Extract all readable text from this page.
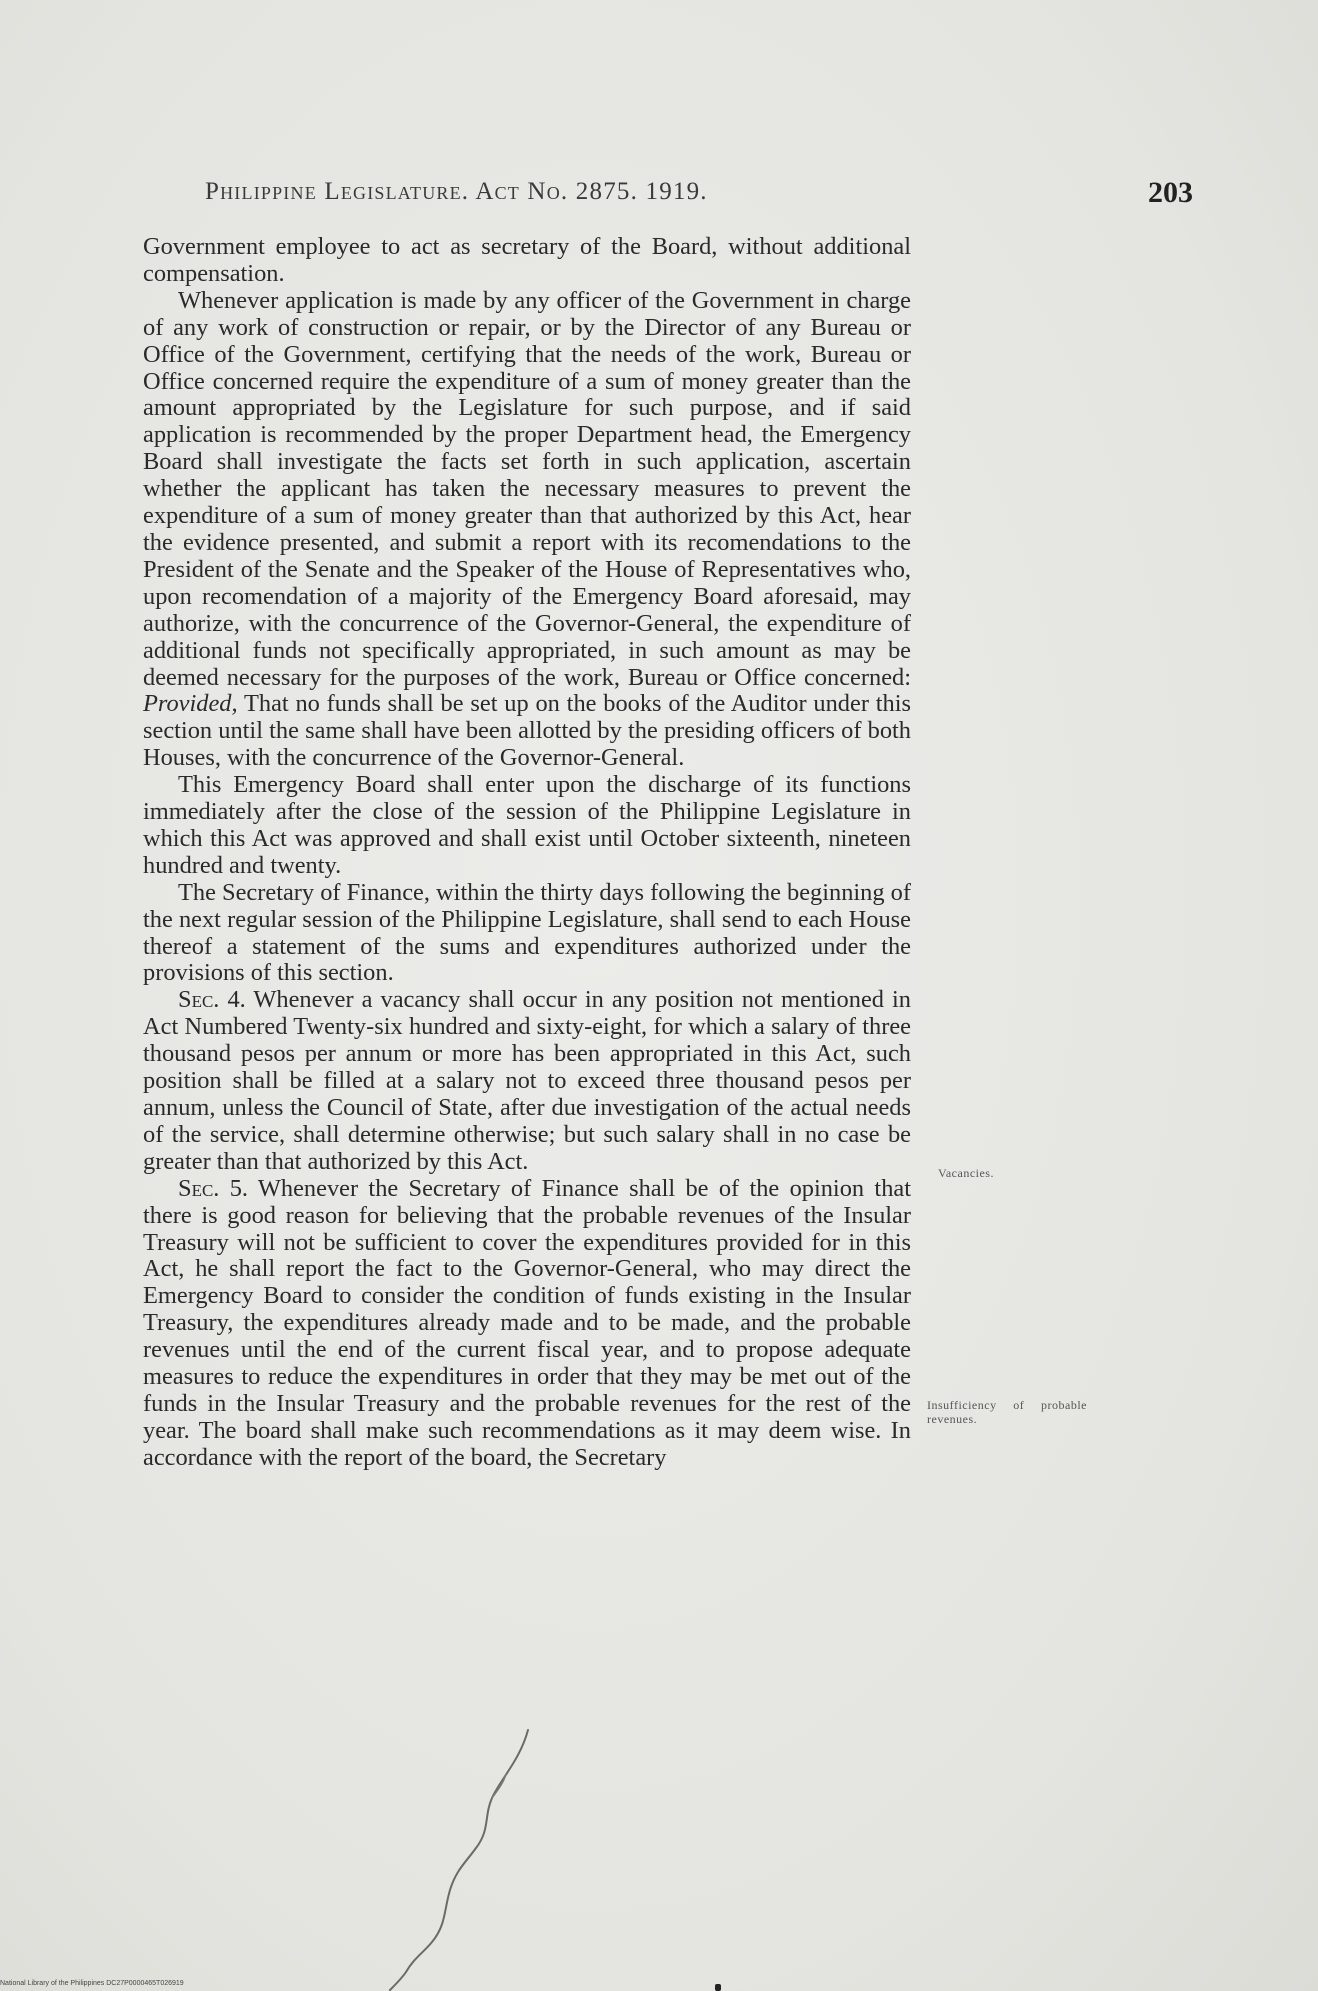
Philippine Legislature. Act No. 2875. 1919.	203

Government employee to act as secretary of the Board, without additional compensation.

Whenever application is made by any officer of the Government in charge of any work of construction or repair, or by the Director of any Bureau or Office of the Government, certifying that the needs of the work, Bureau or Office concerned require the expenditure of a sum of money greater than the amount appropriated by the Legislature for such purpose, and if said application is recommended by the proper Department head, the Emergency Board shall investigate the facts set forth in such application, ascertain whether the applicant has taken the necessary measures to prevent the expenditure of a sum of money greater than that authorized by this Act, hear the evidence presented, and submit a report with its recomendations to the President of the Senate and the Speaker of the House of Representatives who, upon recomendation of a majority of the Emergency Board aforesaid, may authorize, with the concurrence of the Governor-General, the expenditure of additional funds not specifically appropriated, in such amount as may be deemed necessary for the purposes of the work, Bureau or Office concerned: Provided, That no funds shall be set up on the books of the Auditor under this section until the same shall have been allotted by the presiding officers of both Houses, with the concurrence of the Governor-General.

This Emergency Board shall enter upon the discharge of its functions immediately after the close of the session of the Philippine Legislature in which this Act was approved and shall exist until October sixteenth, nineteen hundred and twenty.

The Secretary of Finance, within the thirty days following the beginning of the next regular session of the Philippine Legislature, shall send to each House thereof a statement of the sums and expenditures authorized under the provisions of this section.

Sec. 4. Whenever a vacancy shall occur in any position not mentioned in Act Numbered Twenty-six hundred and sixty-eight, for which a salary of three thousand pesos per annum or more has been appropriated in this Act, such position shall be filled at a salary not to exceed three thousand pesos per annum, unless the Council of State, after due investigation of the actual needs of the service, shall determine otherwise; but such salary shall in no case be greater than that authorized by this Act.

Sec. 5. Whenever the Secretary of Finance shall be of the opinion that there is good reason for believing that the probable revenues of the Insular Treasury will not be sufficient to cover the expenditures provided for in this Act, he shall report the fact to the Governor-General, who may direct the Emergency Board to consider the condition of funds existing in the Insular Treasury, the expenditures already made and to be made, and the probable revenues until the end of the current fiscal year, and to propose adequate measures to reduce the expenditures in order that they may be met out of the funds in the Insular Treasury and the probable revenues for the rest of the year. The board shall make such recommendations as it may deem wise. In accordance with the report of the board, the Secretary

Vacancies.
Insufficiency of probable revenues.
National Library of the Philippines DC27P0000465T026919
